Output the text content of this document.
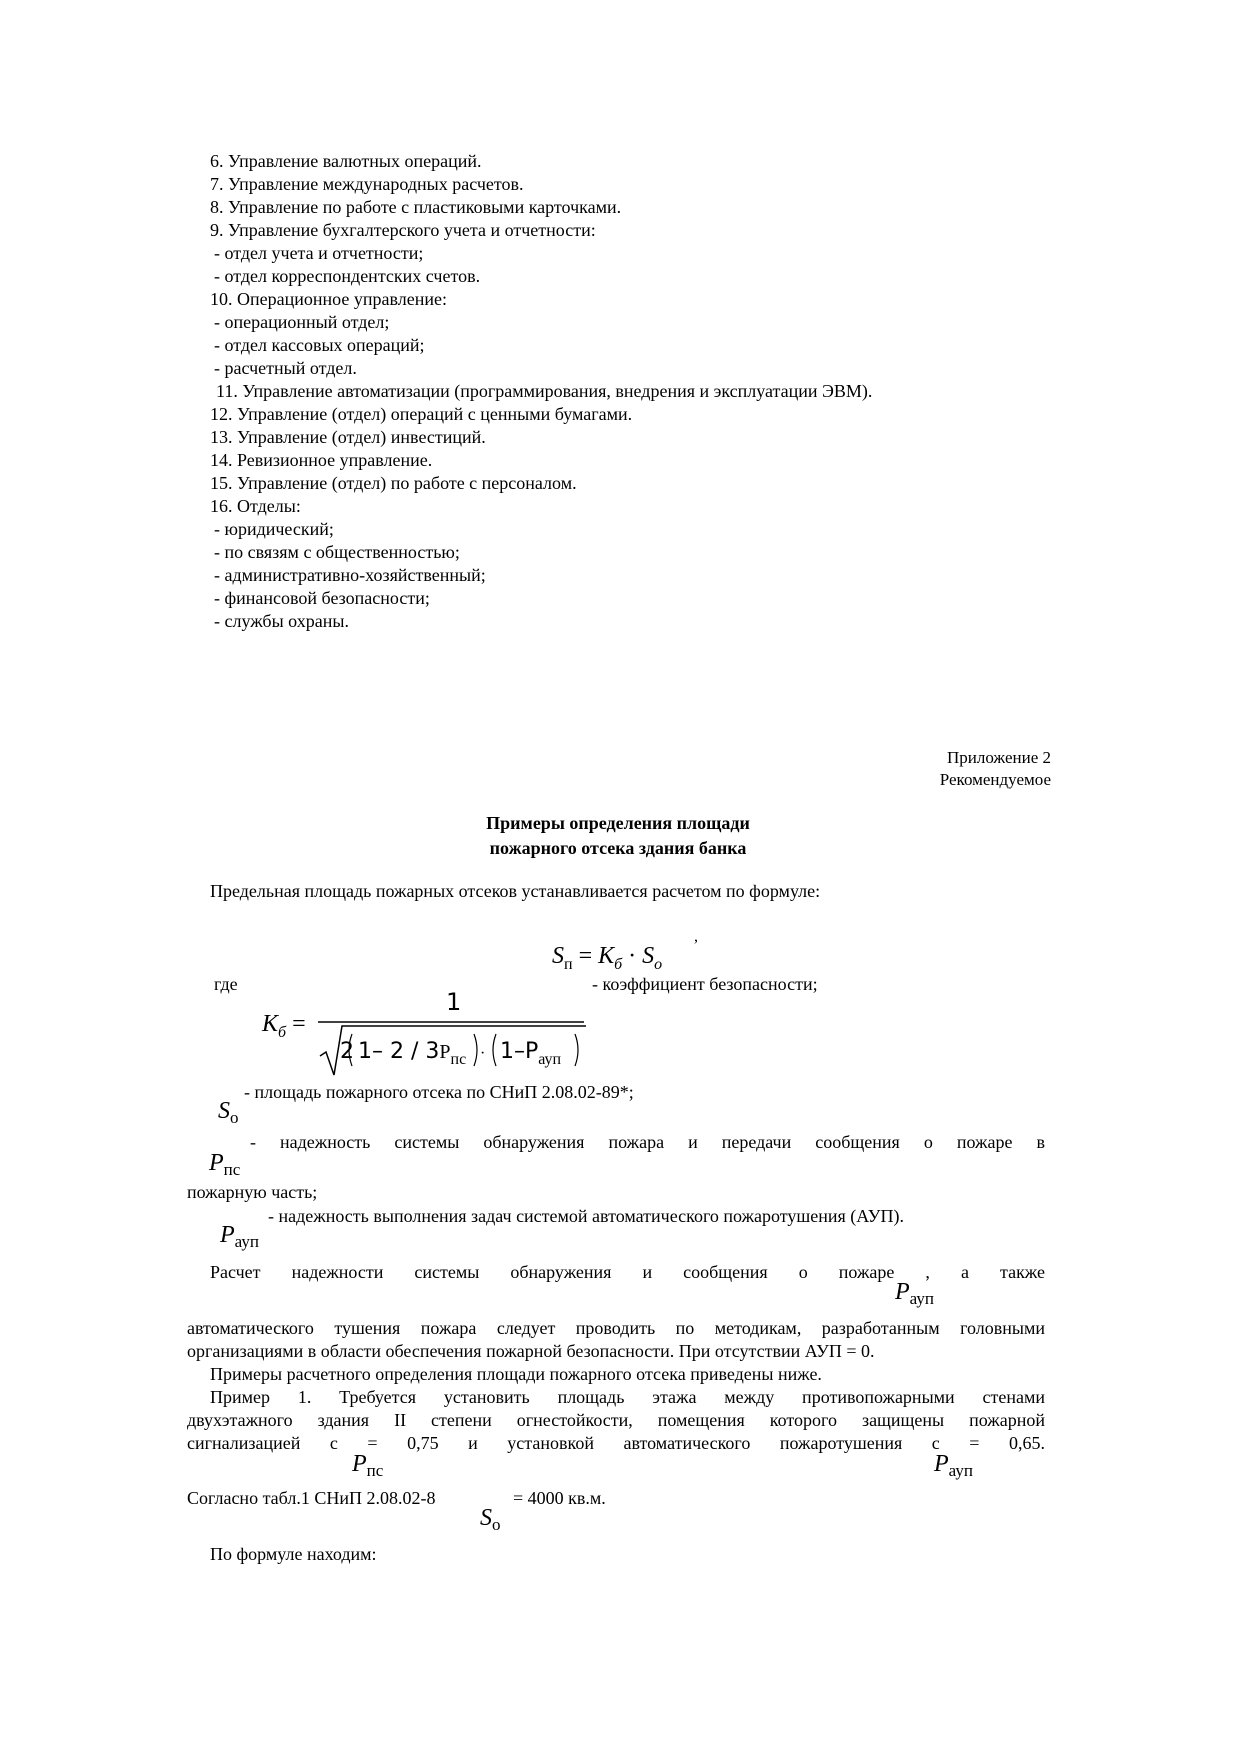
6. Управление валютных операций.
7. Управление международных расчетов.
8. Управление по работе с пластиковыми карточками.
9. Управление бухгалтерского учета и отчетности:
- отдел учета и отчетности;
- отдел корреспондентских счетов.
10. Операционное управление:
- операционный отдел;
- отдел кассовых операций;
- расчетный отдел.
11. Управление автоматизации (программирования, внедрения и эксплуатации ЭВМ).
12. Управление (отдел) операций с ценными бумагами.
13. Управление (отдел) инвестиций.
14. Ревизионное управление.
15. Управление (отдел) по работе с персоналом.
16. Отделы:
- юридический;
- по связям с общественностью;
- административно-хозяйственный;
- финансовой безопасности;
- службы охраны.
Приложение 2
Рекомендуемое
Примеры определения площади
пожарного отсека здания банка
Предельная площадь пожарных отсеков устанавливается расчетом по формуле:
$S_п = K_б \cdot S_о$
,
где	- коэффициент безопасности;
$K_б$ =
1
2 1– $2 / 3P_{пс} \cdot 1-Р_{ауп}$
- площадь пожарного отсека по СНиП 2.08.02-89*;
$S_о$
- надежность системы обнаружения пожара и передачи сообщения о пожаре в
$P_{пс}$
пожарную часть;
- надежность выполнения задач системой автоматического пожаротушения (АУП).
$P_{ауп}$
Расчет надежности системы обнаружения и сообщения о пожаре , а также
$P_{ауп}$
автоматического тушения пожара следует проводить по методикам, разработанным головными
организациями в области обеспечения пожарной безопасности. При отсутствии АУП = 0.
Примеры расчетного определения площади пожарного отсека приведены ниже.
Пример 1. Требуется установить площадь этажа между противопожарными стенами
двухэтажного здания II степени огнестойкости, помещения которого защищены пожарной
сигнализацией с = 0,75 и установкой автоматического пожаротушения с = 0,65.
$P_{пс}$	$P_{ауп}$
Согласно табл.1 СНиП 2.08.02-8	= 4000 кв.м.
$S_о$
По формуле находим:
